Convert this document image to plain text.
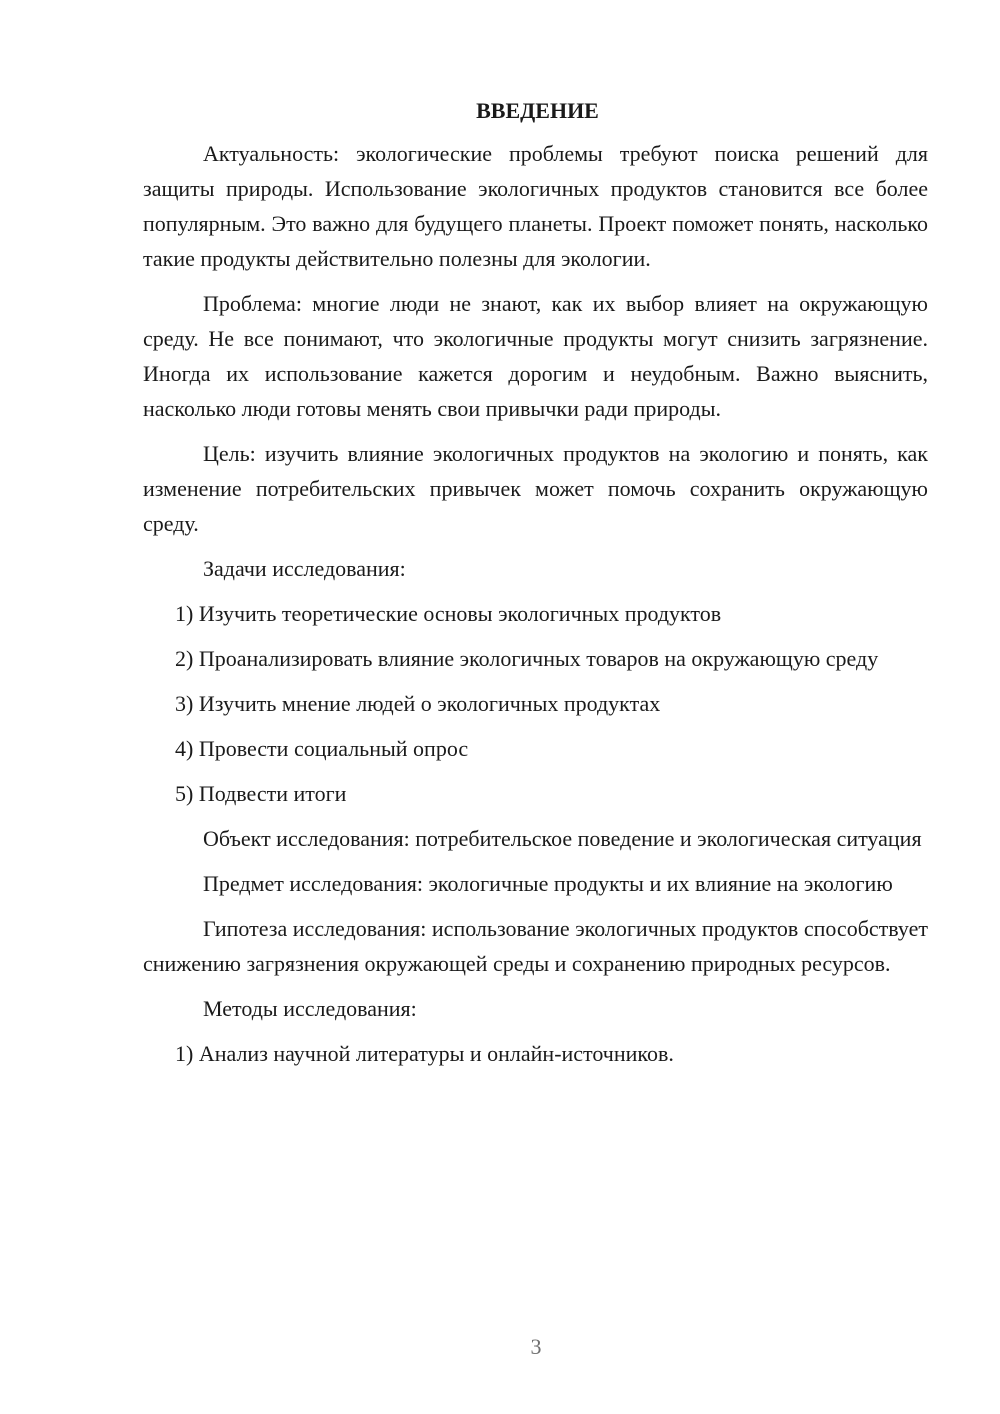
ВВЕДЕНИЕ

Актуальность: экологические проблемы требуют поиска решений для защиты природы. Использование экологичных продуктов становится все более популярным. Это важно для будущего планеты. Проект поможет понять, насколько такие продукты действительно полезны для экологии.

Проблема: многие люди не знают, как их выбор влияет на окружающую среду. Не все понимают, что экологичные продукты могут снизить загрязнение. Иногда их использование кажется дорогим и неудобным. Важно выяснить, насколько люди готовы менять свои привычки ради природы.

Цель: изучить влияние экологичных продуктов на экологию и понять, как изменение потребительских привычек может помочь сохранить окружающую среду.

Задачи исследования:

1) Изучить теоретические основы экологичных продуктов

2) Проанализировать влияние экологичных товаров на окружающую среду

3) Изучить мнение людей о экологичных продуктах

4) Провести социальный опрос

5) Подвести итоги

Объект исследования: потребительское поведение и экологическая ситуация

Предмет исследования: экологичные продукты и их влияние на экологию

Гипотеза исследования: использование экологичных продуктов способствует снижению загрязнения окружающей среды и сохранению природных ресурсов.

Методы исследования:

1) Анализ научной литературы и онлайн-источников.

3
